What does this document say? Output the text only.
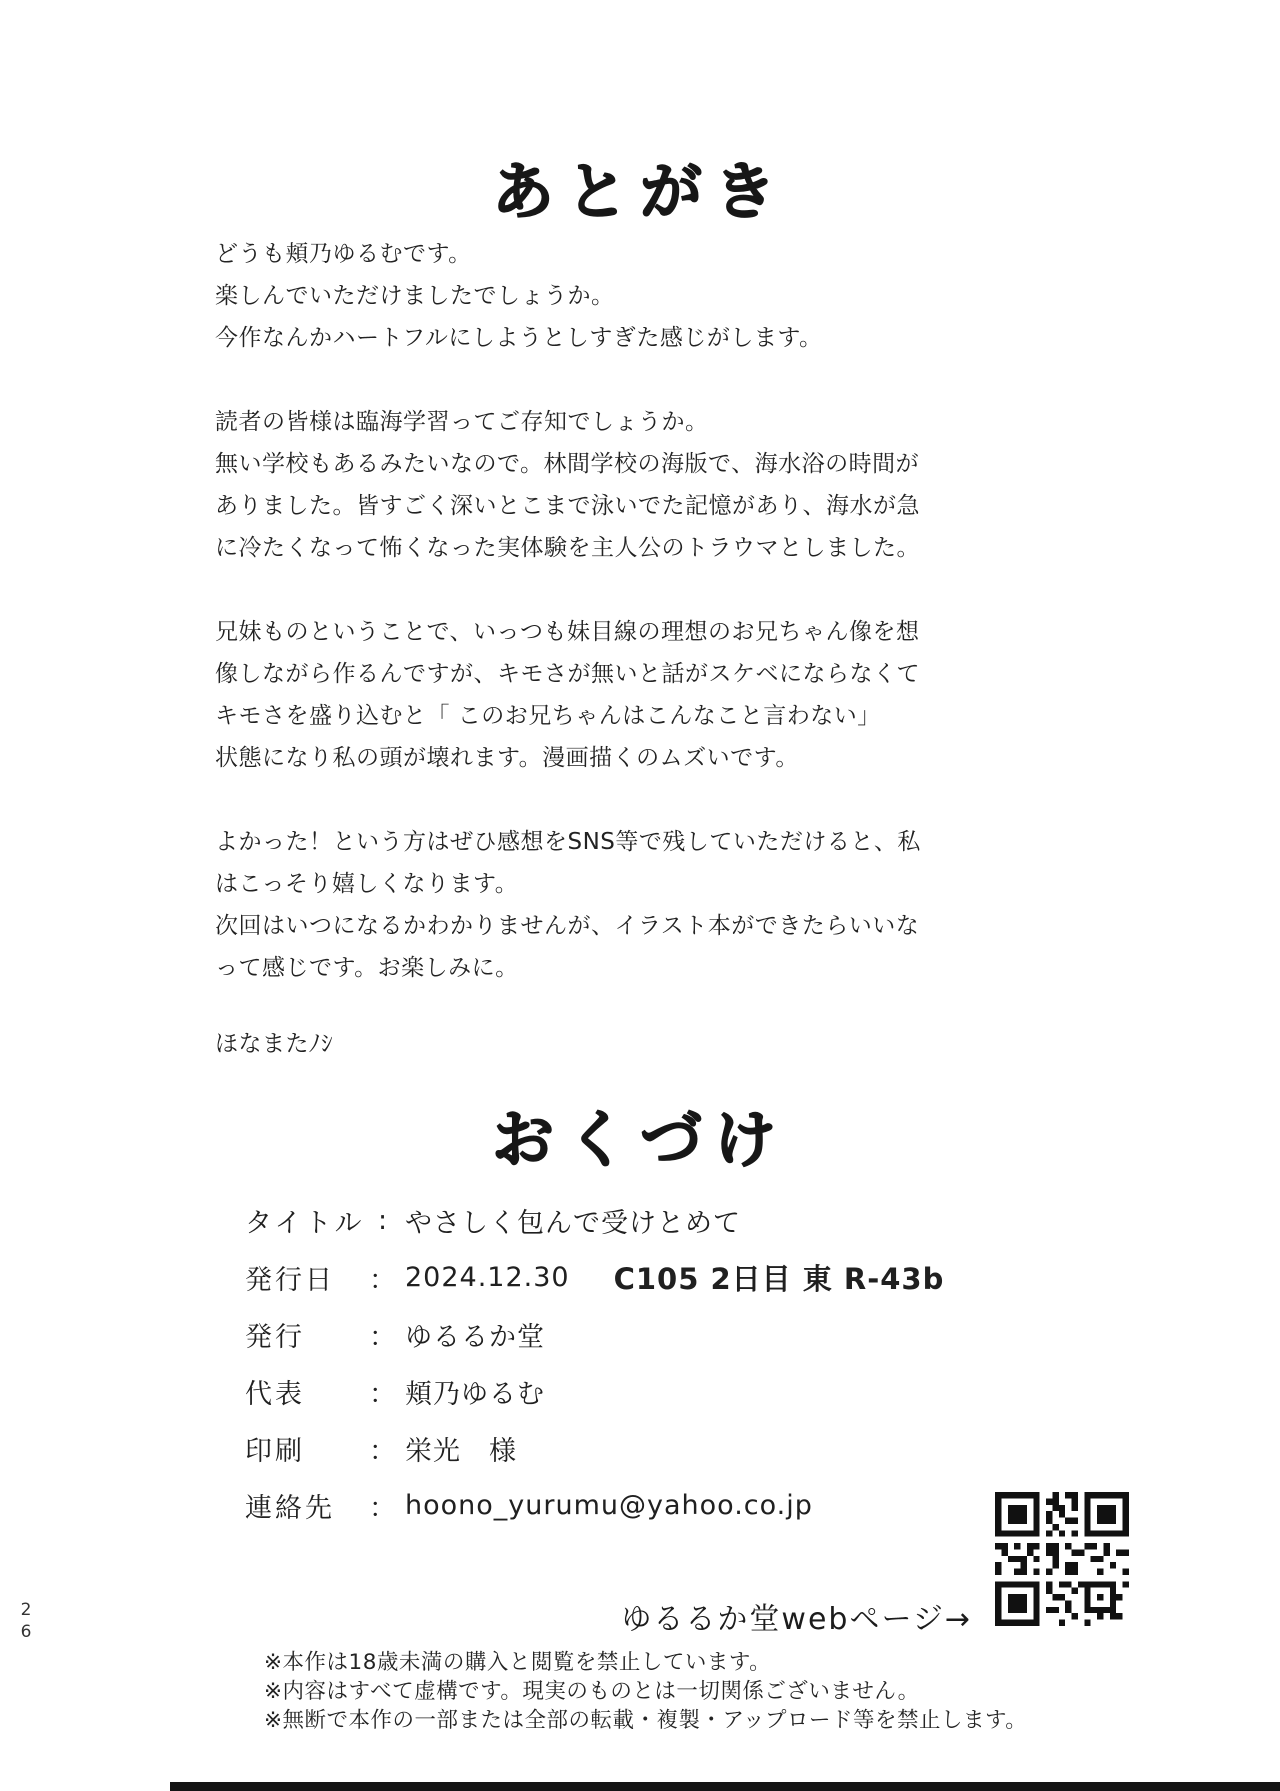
あとがき

どうも頬乃ゆるむです。

楽しんでいただけましたでしょうか。

今作なんかハートフルにしようとしすぎた感じがします。

読者の皆様は臨海学習ってご存知でしょうか。

無い学校もあるみたいなので。林間学校の海版で、海水浴の時間が

ありました。皆すごく深いとこまで泳いでた記憶があり、海水が急

に冷たくなって怖くなった実体験を主人公のトラウマとしました。

兄妹ものということで、いっつも妹目線の理想のお兄ちゃん像を想

像しながら作るんですが、キモさが無いと話がスケベにならなくて

キモさを盛り込むと「 このお兄ちゃんはこんなこと言わない」

状態になり私の頭が壊れます。漫画描くのムズいです。

よかった！という方はぜひ感想をSNS等で残していただけると、私

はこっそり嬉しくなります。

次回はいつになるかわかりませんが、イラスト本ができたらいいな

って感じです。お楽しみに。

ほなまたﾉｼ

おくづけ
タイトル : やさしく包んで受けとめて
発行日	： 2024.12.30 C105 2日目 東 R-43b
発行	： ゆるるか堂
代表	： 頬乃ゆるむ
印刷	： 栄光　様
連絡先	： hoono_yurumu@yahoo.co.jp
ゆるるか堂webページ→

※本作は18歳未満の購入と閲覧を禁止しています。

※内容はすべて虚構です。現実のものとは一切関係ございません。

※無断で本作の一部または全部の転載・複製・アップロード等を禁止します。

26
